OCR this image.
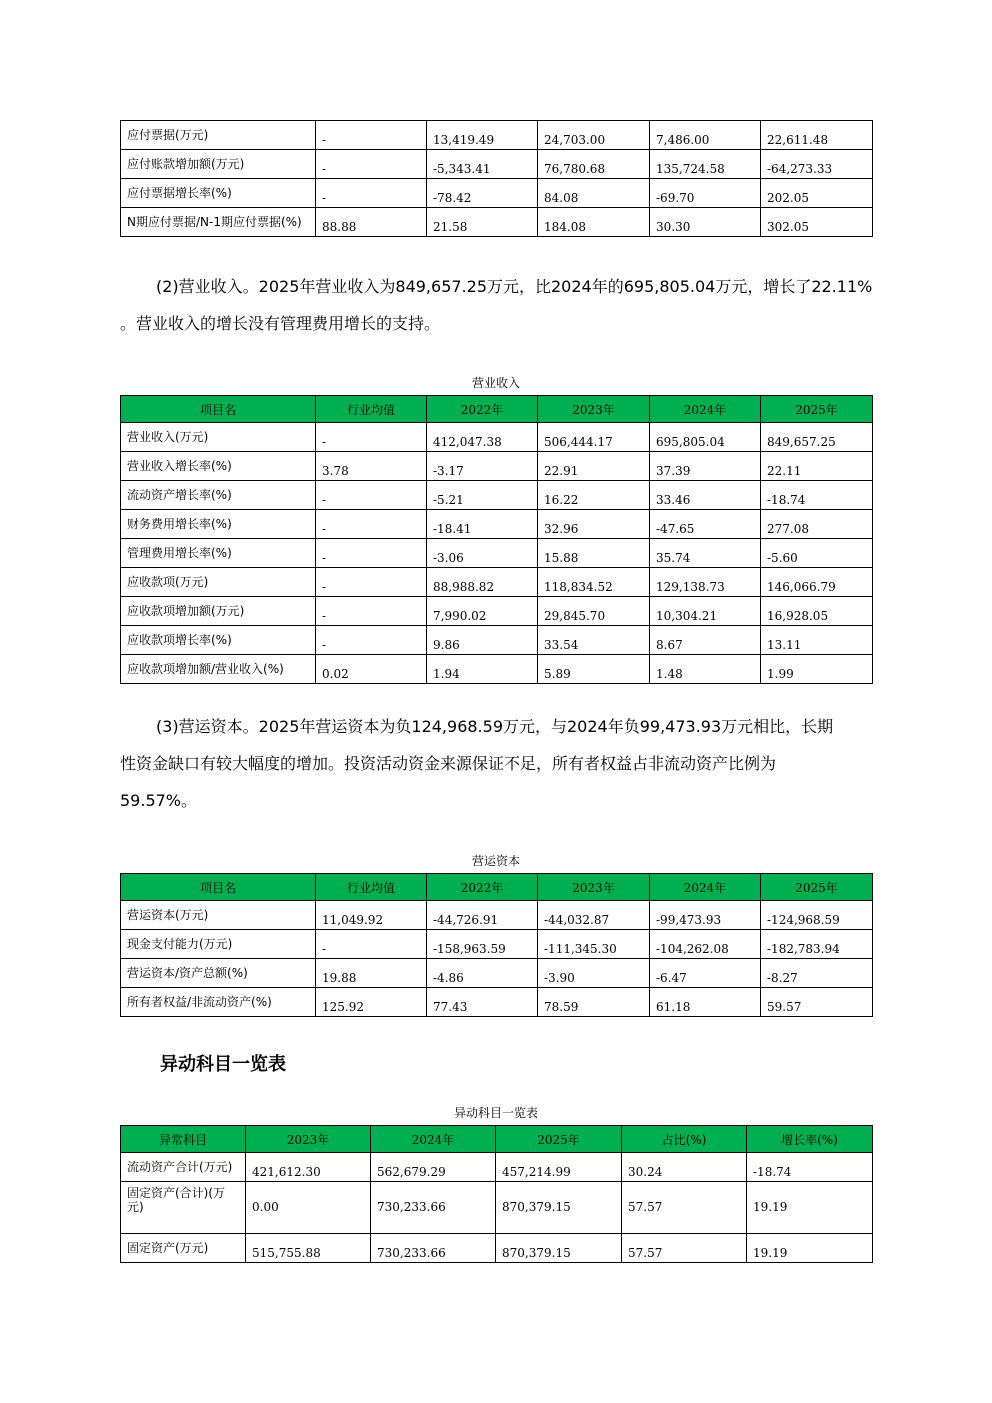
应付票据(万元)	-	13,419.49	24,703.00	7,486.00	22,611.48
应付账款增加额(万元)	-	-5,343.41	76,780.68	135,724.58	-64,273.33
应付票据增长率(%)	-	-78.42	84.08	-69.70	202.05
N期应付票据/N-1期应付票据(%)	88.88	21.58	184.08	30.30	302.05
(2)营业收入。2025年营业收入为849,657.25万元，比2024年的695,805.04万元，增长了22.11%
。营业收入的增长没有管理费用增长的支持。
营业收入
项目名	行业均值	2022年	2023年	2024年	2025年
营业收入(万元)	-	412,047.38	506,444.17	695,805.04	849,657.25
营业收入增长率(%)	3.78	-3.17	22.91	37.39	22.11
流动资产增长率(%)	-	-5.21	16.22	33.46	-18.74
财务费用增长率(%)	-	-18.41	32.96	-47.65	277.08
管理费用增长率(%)	-	-3.06	15.88	35.74	-5.60
应收款项(万元)	-	88,988.82	118,834.52	129,138.73	146,066.79
应收款项增加额(万元)	-	7,990.02	29,845.70	10,304.21	16,928.05
应收款项增长率(%)	-	9.86	33.54	8.67	13.11
应收款项增加额/营业收入(%)	0.02	1.94	5.89	1.48	1.99
(3)营运资本。2025年营运资本为负124,968.59万元，与2024年负99,473.93万元相比，长期
性资金缺口有较大幅度的增加。投资活动资金来源保证不足，所有者权益占非流动资产比例为
59.57%。
营运资本
项目名	行业均值	2022年	2023年	2024年	2025年
营运资本(万元)	11,049.92	-44,726.91	-44,032.87	-99,473.93	-124,968.59
现金支付能力(万元)	-	-158,963.59	-111,345.30	-104,262.08	-182,783.94
营运资本/资产总额(%)	19.88	-4.86	-3.90	-6.47	-8.27
所有者权益/非流动资产(%)	125.92	77.43	78.59	61.18	59.57
异动科目一览表
异动科目一览表
异常科目	2023年	2024年	2025年	占比(%)	增长率(%)
流动资产合计(万元)	421,612.30	562,679.29	457,214.99	30.24	-18.74
固定资产(合计)(万元)	0.00	730,233.66	870,379.15	57.57	19.19
固定资产(万元)	515,755.88	730,233.66	870,379.15	57.57	19.19
